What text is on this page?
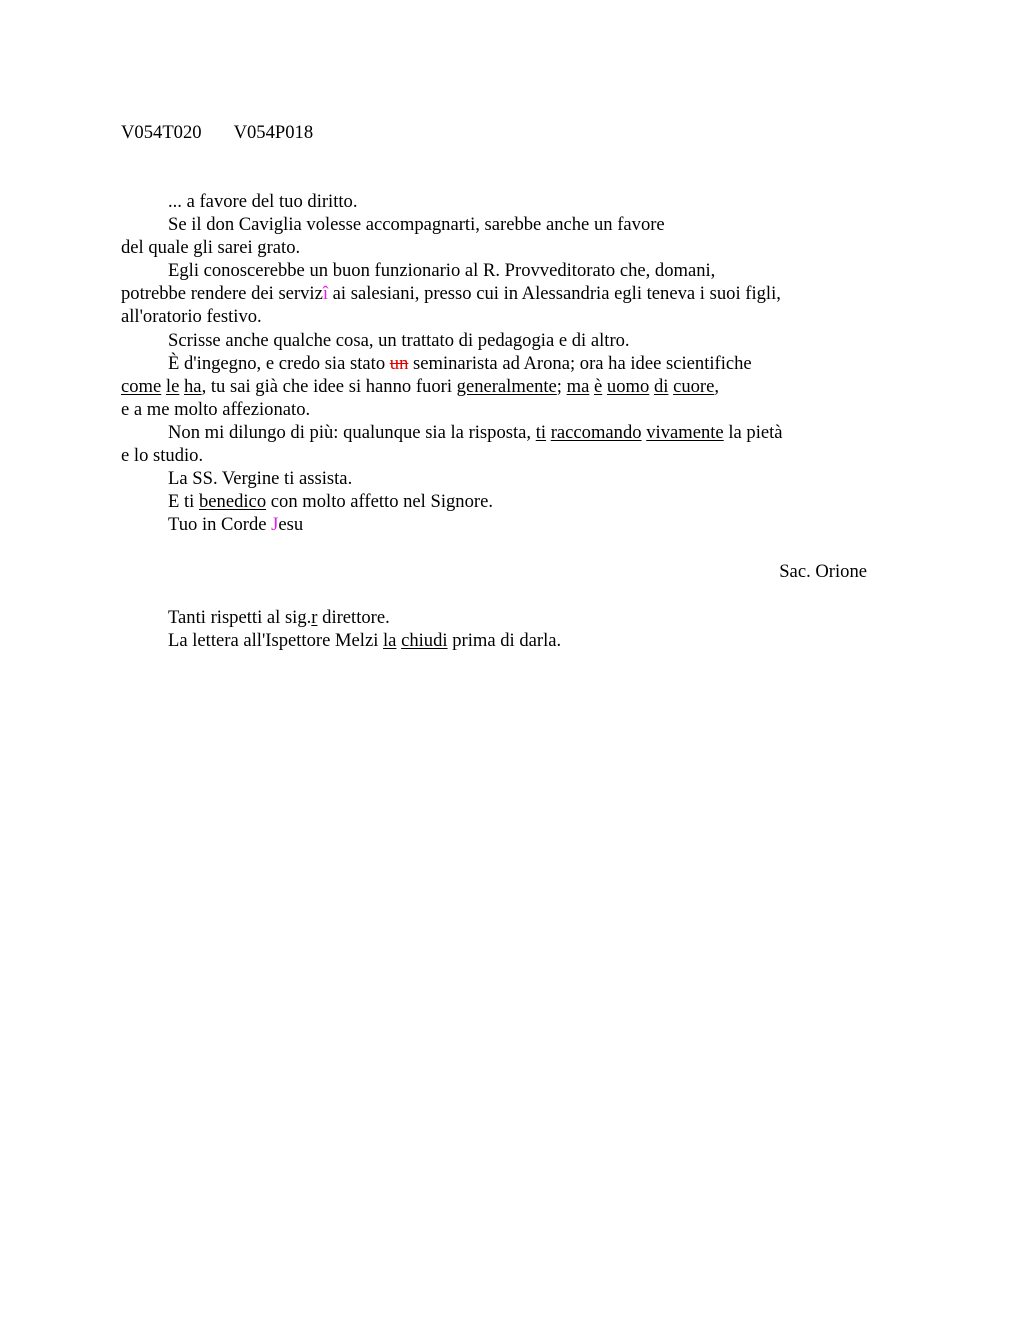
V054T020 V054P018

... a favore del tuo diritto.

Se il don Caviglia volesse accompagnarti, sarebbe anche un favore

del quale gli sarei grato.

Egli conoscerebbe un buon funzionario al R. Provveditorato che, domani,

potrebbe rendere dei servizî ai salesiani, presso cui in Alessandria egli teneva i suoi figli,

all'oratorio festivo.

Scrisse anche qualche cosa, un trattato di pedagogia e di altro.

È d'ingegno, e credo sia stato un seminarista ad Arona; ora ha idee scientifiche

come le ha, tu sai già che idee si hanno fuori generalmente; ma è uomo di cuore,

e a me molto affezionato.

Non mi dilungo di più: qualunque sia la risposta, ti raccomando vivamente la pietà

e lo studio.

La SS. Vergine ti assista.

E ti benedico con molto affetto nel Signore.

Tuo in Corde Jesu

Sac. Orione

Tanti rispetti al sig.r direttore.

La lettera all'Ispettore Melzi la chiudi prima di darla.
